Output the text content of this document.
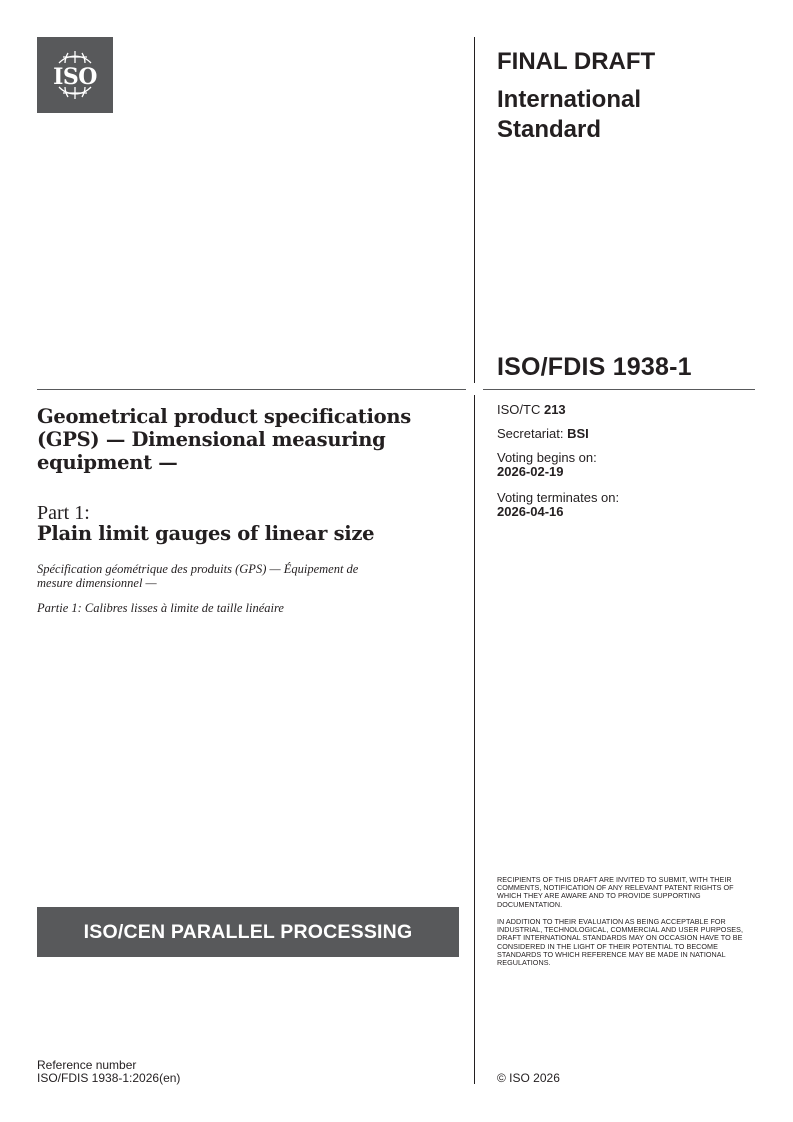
ISO
FINAL DRAFT
International
Standard
ISO/FDIS 1938-1
ISO/TC 213
Secretariat: BSI
Voting begins on:
2026-02-19
Voting terminates on:
2026-04-16
Geometrical product specifications
(GPS) — Dimensional measuring
equipment —
Part 1:
Plain limit gauges of linear size
Spécification géométrique des produits (GPS) — Équipement de
mesure dimensionnel —
Partie 1: Calibres lisses à limite de taille linéaire
ISO/CEN PARALLEL PROCESSING
RECIPIENTS OF THIS DRAFT ARE INVITED TO SUBMIT, WITH THEIR COMMENTS, NOTIFICATION OF ANY RELEVANT PATENT RIGHTS OF WHICH THEY ARE AWARE AND TO PROVIDE SUPPORTING DOCUMENTATION.
IN ADDITION TO THEIR EVALUATION AS BEING ACCEPTABLE FOR INDUSTRIAL, TECHNOLOGICAL, COMMERCIAL AND USER PURPOSES, DRAFT INTERNATIONAL STANDARDS MAY ON OCCASION HAVE TO BE CONSIDERED IN THE LIGHT OF THEIR POTENTIAL TO BECOME STANDARDS TO WHICH REFERENCE MAY BE MADE IN NATIONAL REGULATIONS.
Reference number
ISO/FDIS 1938-1:2026(en)	© ISO 2026
